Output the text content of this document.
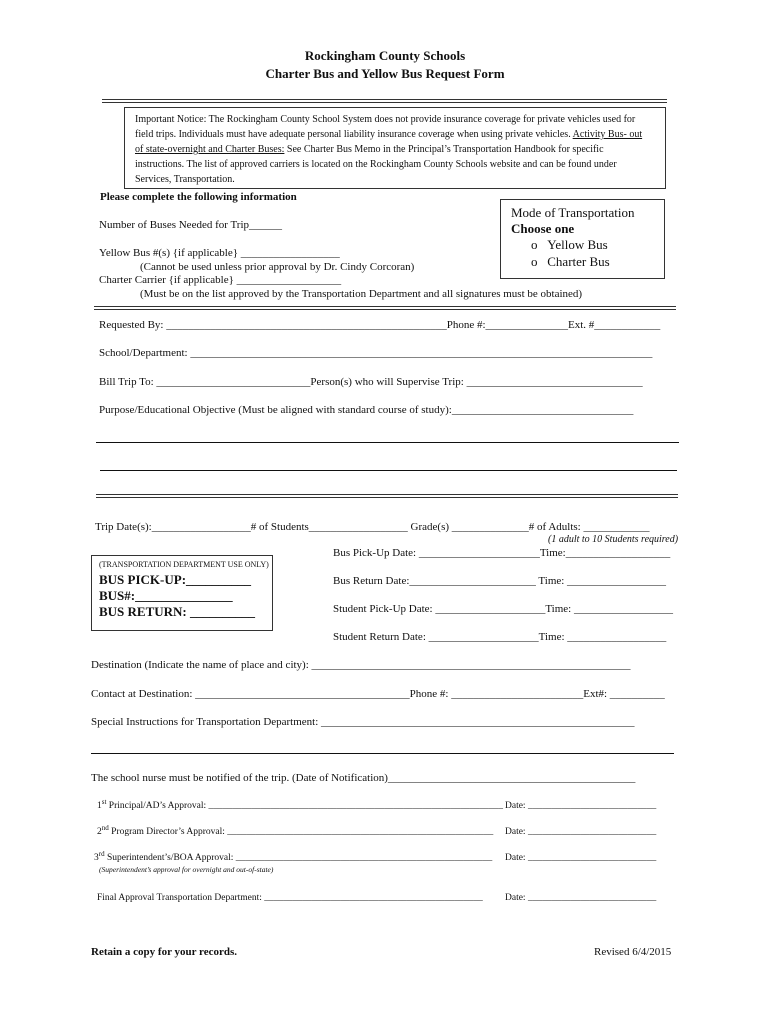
Rockingham County Schools
Charter Bus and Yellow Bus Request Form
Important Notice: The Rockingham County School System does not provide insurance coverage for private vehicles used for
field trips. Individuals must have adequate personal liability insurance coverage when using private vehicles. Activity Bus- out
of state-overnight and Charter Buses: See Charter Bus Memo in the Principal’s Transportation Handbook for specific
instructions. The list of approved carriers is located on the Rockingham County Schools website and can be found under
Services, Transportation.
Please complete the following information
Number of Buses Needed for Trip______
Yellow Bus #(s) {if applicable} __________________
(Cannot be used unless prior approval by Dr. Cindy Corcoran)
Charter Carrier {if applicable} ___________________
(Must be on the list approved by the Transportation Department and all signatures must be obtained)
Mode of Transportation
Choose one
o Yellow Bus
o Charter Bus
Requested By: ___________________________________________________Phone #:_______________Ext. #____________
School/Department: ____________________________________________________________________________________
Bill Trip To: ____________________________Person(s) who will Supervise Trip: ________________________________
Purpose/Educational Objective (Must be aligned with standard course of study):_________________________________
Trip Date(s):__________________# of Students__________________ Grade(s) ______________# of Adults: ____________
(1 adult to 10 Students required)
Bus Pick-Up Date: ______________________Time:___________________
Bus Return Date:_______________________ Time: __________________
Student Pick-Up Date: ____________________Time: __________________
Student Return Date: ____________________Time: __________________
(TRANSPORTATION DEPARTMENT USE ONLY)
BUS PICK-UP:__________
BUS#:_______________
BUS RETURN: __________
Destination (Indicate the name of place and city): __________________________________________________________
Contact at Destination: _______________________________________Phone #: ________________________Ext#: __________
Special Instructions for Transportation Department: _________________________________________________________
The school nurse must be notified of the trip. (Date of Notification)_____________________________________________
1st Principal/AD’s Approval: ______________________________________________________________ Date: ___________________________
2nd Program Director’s Approval: ________________________________________________________ Date: ___________________________
3rd Superintendent’s/BOA Approval: ______________________________________________________ Date: ___________________________
(Superintendent’s approval for overnight and out-of-state)
Final Approval Transportation Department: ______________________________________________ Date: ___________________________
Retain a copy for your records.	Revised 6/4/2015
